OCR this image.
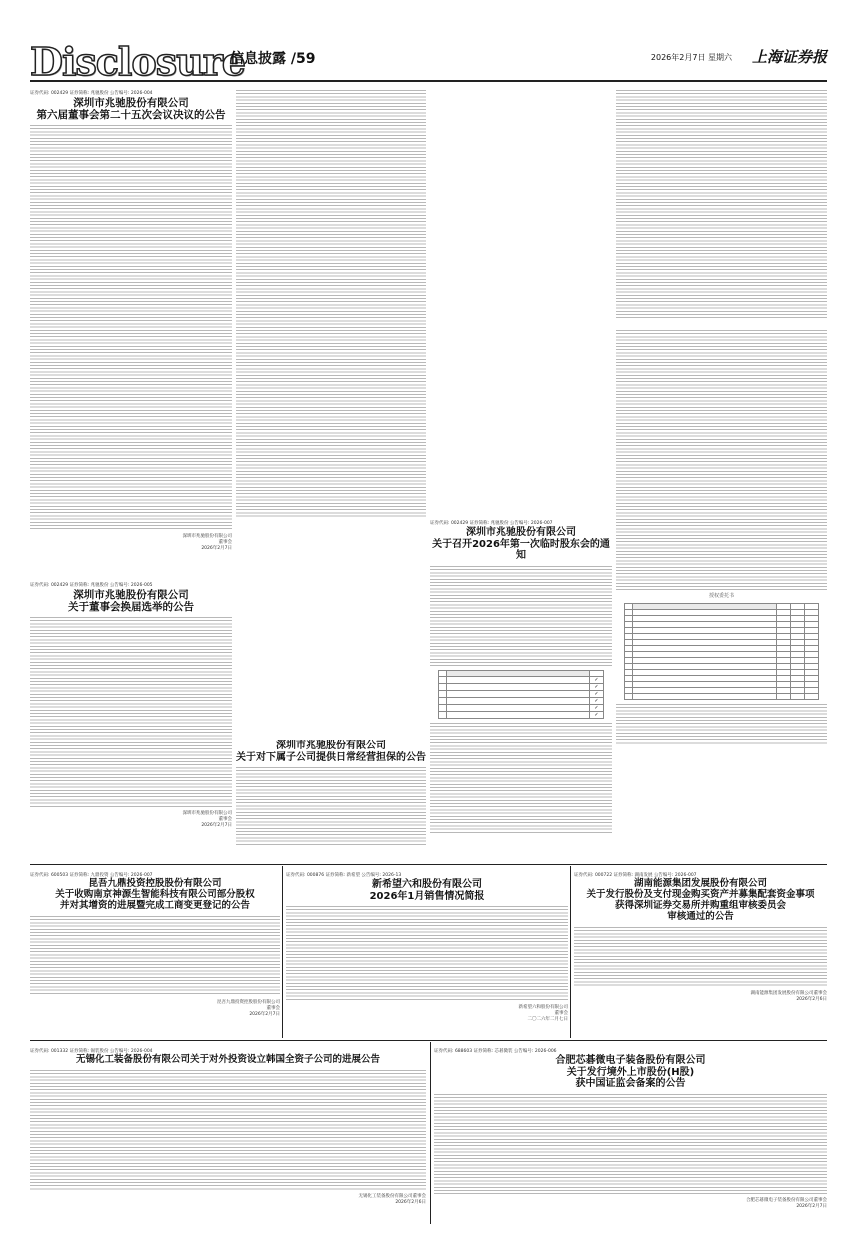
Disclosure
信息披露 /59	2026年2月7日 星期六 上海证券报
证券代码: 002429 证券简称: 兆驰股份 公告编号: 2026-004
深圳市兆驰股份有限公司
第六届董事会第二十五次会议决议的公告
深圳市兆驰股份有限公司
董事会
2026年2月7日
证券代码: 002429 证券简称: 兆驰股份 公告编号: 2026-005
深圳市兆驰股份有限公司
关于董事会换届选举的公告
深圳市兆驰股份有限公司
董事会
2026年2月7日
证券代码: 002429 证券简称: 兆驰股份 公告编号: 2026-007
深圳市兆驰股份有限公司
关于召开2026年第一次临时股东会的通知

		✓
		✓
		✓
		✓
		✓
		✓
深圳市兆驰股份有限公司
关于对下属子公司提供日常经营担保的公告
授权委托书

证券代码: 600503 证券简称: 九鼎投资 公告编号: 2026-007
昆吾九鼎投资控股股份有限公司
关于收购南京神源生智能科技有限公司部分股权
并对其增资的进展暨完成工商变更登记的公告
昆吾九鼎投资控股股份有限公司
董事会
2026年2月7日
证券代码: 000876 证券简称: 新希望 公告编号: 2026-13
新希望六和股份有限公司
2026年1月销售情况简报
新希望六和股份有限公司
董事会
二〇二六年二月七日
证券代码: 000722 证券简称: 湖南发展 公告编号: 2026-007
湖南能源集团发展股份有限公司
关于发行股份及支付现金购买资产并募集配套资金事项
获得深圳证券交易所并购重组审核委员会
审核通过的公告
湖南能源集团发展股份有限公司董事会
2026年2月6日
证券代码: 001332 证券简称: 锡装股份 公告编号: 2026-004
无锡化工装备股份有限公司关于对外投资设立韩国全资子公司的进展公告
无锡化工装备股份有限公司董事会
2026年2月6日
证券代码: 688603 证券简称: 芯碁微装 公告编号: 2026-006
合肥芯碁微电子装备股份有限公司
关于发行境外上市股份(H股)
获中国证监会备案的公告
合肥芯碁微电子装备股份有限公司董事会
2026年2月7日
